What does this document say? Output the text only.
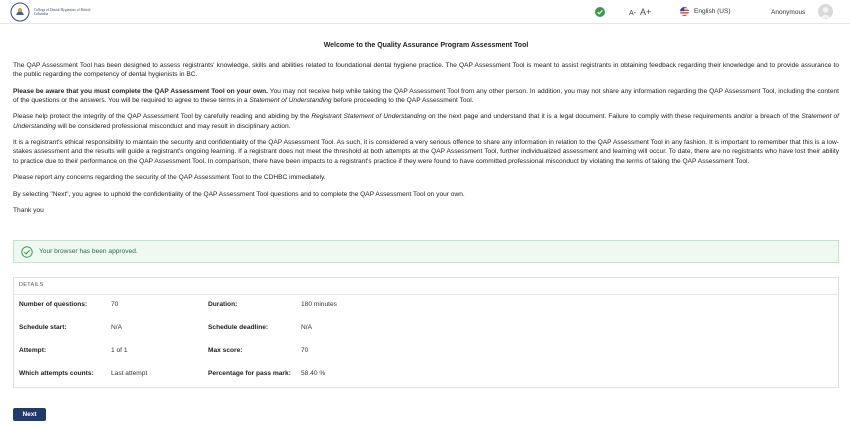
College of Dental Hygienists of British Columbia	A- A+	English (US)	Anonymous
Welcome to the Quality Assurance Program Assessment Tool

The QAP Assessment Tool has been designed to assess registrants' knowledge, skills and abilities related to foundational dental hygiene practice. The QAP Assessment Tool is meant to assist registrants in obtaining feedback regarding their knowledge and to provide assurance to the public regarding the competency of dental hygienists in BC.

Please be aware that you must complete the QAP Assessment Tool on your own. You may not receive help while taking the QAP Assessment Tool from any other person. In addition, you may not share any information regarding the QAP Assessment Tool, including the content of the questions or the answers. You will be required to agree to these terms in a Statement of Understanding before proceeding to the QAP Assessment Tool.

Please help protect the integrity of the QAP Assessment Tool by carefully reading and abiding by the Registrant Statement of Understanding on the next page and understand that it is a legal document. Failure to comply with these requirements and/or a breach of the Statement of Understanding will be considered professional misconduct and may result in disciplinary action.

It is a registrant's ethical responsibility to maintain the security and confidentiality of the QAP Assessment Tool. As such, it is considered a very serious offence to share any information in relation to the QAP Assessment Tool in any fashion. It is important to remember that this is a low-stakes assessment and the results will guide a registrant's ongoing learning. If a registrant does not meet the threshold at both attempts at the QAP Assessment Tool, further individualized assessment and learning will occur. To date, there are no registrants who have lost their ability to practice due to their performance on the QAP Assessment Tool. In comparison, there have been impacts to a registrant's practice if they were found to have committed professional misconduct by violating the terms of taking the QAP Assessment Tool.

Please report any concerns regarding the security of the QAP Assessment Tool to the CDHBC immediately.

By selecting "Next", you agree to uphold the confidentiality of the QAP Assessment Tool questions and to complete the QAP Assessment Tool on your own.

Thank you

Your browser has been approved.
DETAILS
Number of questions:	70	Duration:	180 minutes
Schedule start:	N/A	Schedule deadline:	N/A
Attempt:	1 of 1	Max score:	70
Which attempts counts:	Last attempt	Percentage for pass mark: 58.40 %
Next
